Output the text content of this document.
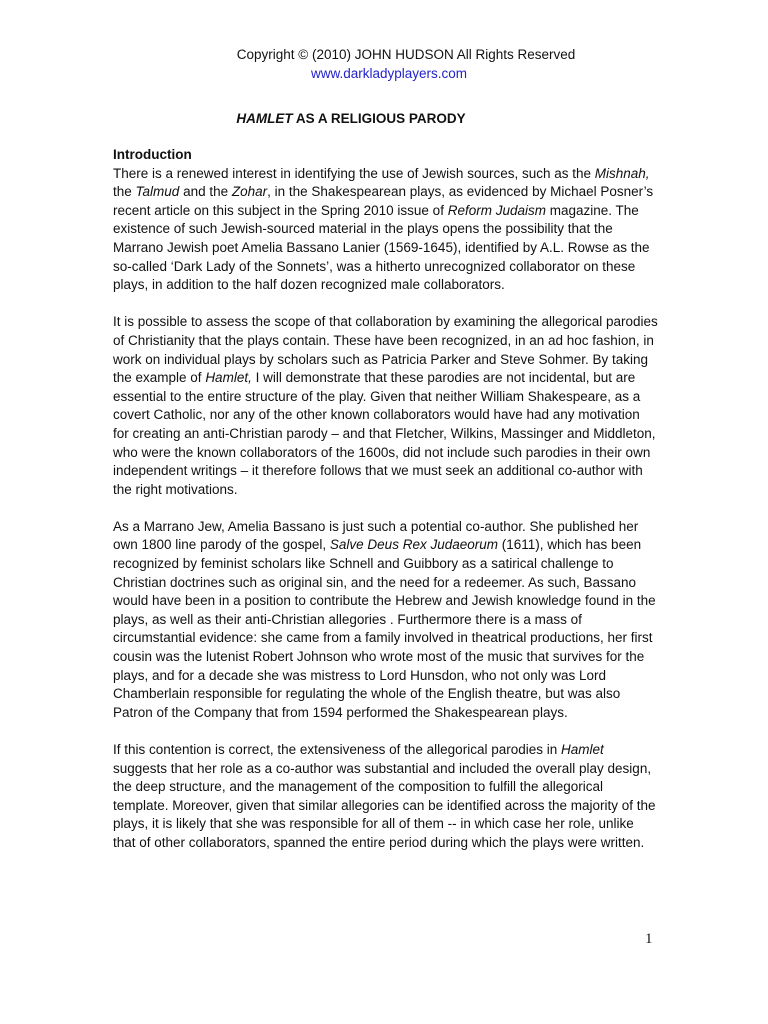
Copyright © (2010) JOHN HUDSON All Rights Reserved
www.darkladyplayers.com
HAMLET AS A RELIGIOUS PARODY

Introduction

There is a renewed interest in identifying the use of Jewish sources, such as the Mishnah, the Talmud and the Zohar, in the Shakespearean plays, as evidenced by Michael Posner’s recent article on this subject in the Spring 2010 issue of Reform Judaism magazine. The existence of such Jewish-sourced material in the plays opens the possibility that the Marrano Jewish poet Amelia Bassano Lanier (1569-1645), identified by A.L. Rowse as the so-called ‘Dark Lady of the Sonnets’, was a hitherto unrecognized collaborator on these plays, in addition to the half dozen recognized male collaborators.

It is possible to assess the scope of that collaboration by examining the allegorical parodies of Christianity that the plays contain. These have been recognized, in an ad hoc fashion, in work on individual plays by scholars such as Patricia Parker and Steve Sohmer. By taking the example of Hamlet, I will demonstrate that these parodies are not incidental, but are essential to the entire structure of the play. Given that neither William Shakespeare, as a covert Catholic, nor any of the other known collaborators would have had any motivation for creating an anti-Christian parody – and that Fletcher, Wilkins, Massinger and Middleton, who were the known collaborators of the 1600s, did not include such parodies in their own independent writings – it therefore follows that we must seek an additional co-author with the right motivations.

As a Marrano Jew, Amelia Bassano is just such a potential co-author. She published her own 1800 line parody of the gospel, Salve Deus Rex Judaeorum (1611), which has been recognized by feminist scholars like Schnell and Guibbory as a satirical challenge to Christian doctrines such as original sin, and the need for a redeemer. As such, Bassano would have been in a position to contribute the Hebrew and Jewish knowledge found in the plays, as well as their anti-Christian allegories . Furthermore there is a mass of circumstantial evidence: she came from a family involved in theatrical productions, her first cousin was the lutenist Robert Johnson who wrote most of the music that survives for the plays, and for a decade she was mistress to Lord Hunsdon, who not only was Lord Chamberlain responsible for regulating the whole of the English theatre, but was also Patron of the Company that from 1594 performed the Shakespearean plays.

If this contention is correct, the extensiveness of the allegorical parodies in Hamlet suggests that her role as a co-author was substantial and included the overall play design, the deep structure, and the management of the composition to fulfill the allegorical template. Moreover, given that similar allegories can be identified across the majority of the plays, it is likely that she was responsible for all of them -- in which case her role, unlike that of other collaborators, spanned the entire period during which the plays were written.

1
